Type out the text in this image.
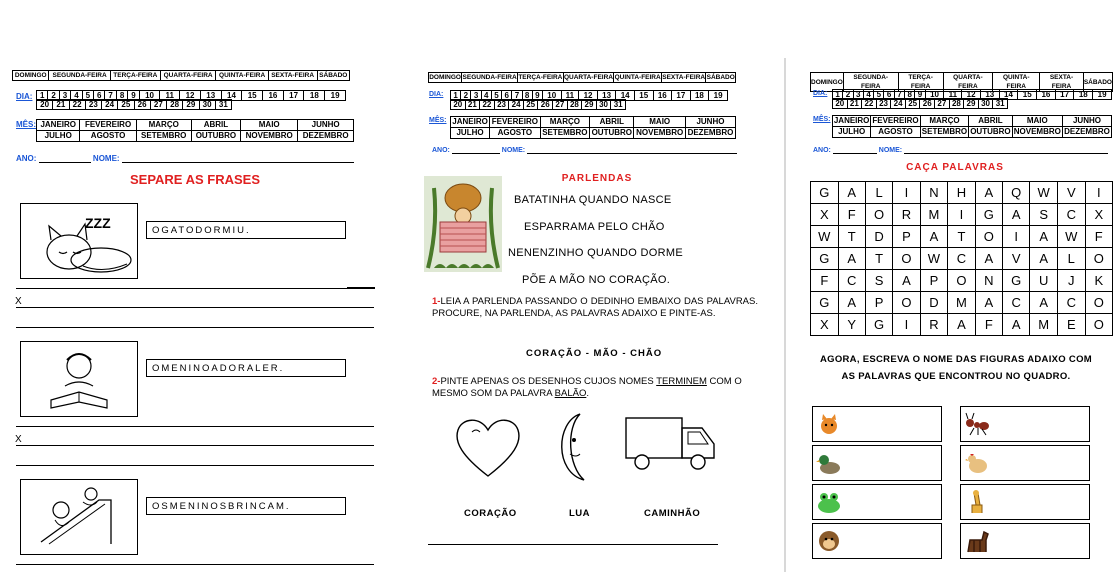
DOMINGO	SEGUNDA-FEIRA	TERÇA-FEIRA	QUARTA-FEIRA	QUINTA-FEIRA	SEXTA-FEIRA	SÁBADO
DIA: 1	2	3	4	5	6	7	8	9	10	11	12	13	14	15	16	17	18	19
20	21	22	23	24	25	26	27	28	29	30	31
MÊS: JANEIRO	FEVEREIRO	MARÇO	ABRIL	MAIO	JUNHO
JULHO	AGOSTO	SETEMBRO	OUTUBRO	NOVEMBRO	DEZEMBRO
ANO:	NOME:
SEPARE AS FRASES
ZZZ	OGATODORMIU.
X
OMENINOADORALER.
X
OSMENINOSBRINCAM.
DOMINGO	SEGUNDA-FEIRA	TERÇA-FEIRA	QUARTA-FEIRA	QUINTA-FEIRA	SEXTA-FEIRA	SÁBADO
DIA: 1	2	3	4	5	6	7	8	9	10	11	12	13	14	15	16	17	18	19
20	21	22	23	24	25	26	27	28	29	30	31
MÊS: JANEIRO	FEVEREIRO	MARÇO	ABRIL	MAIO	JUNHO
JULHO	AGOSTO	SETEMBRO	OUTUBRO	NOVEMBRO	DEZEMBRO
ANO:	NOME:
PARLENDAS
BATATINHA QUANDO NASCE
ESPARRAMA PELO CHÃO
NENENZINHO QUANDO DORME
PÕE A MÃO NO CORAÇÃO.
1-LEIA A PARLENDA PASSANDO O DEDINHO EMBAIXO DAS PALAVRAS. PROCURE, NA PARLENDA, AS PALAVRAS ADAIXO E PINTE-AS.
CORAÇÃO - MÃO - CHÃO
2-PINTE APENAS OS DESENHOS CUJOS NOMES TERMINEM COM O MESMO SOM DA PALAVRA BALÃO.
CORAÇÃO	LUA	CAMINHÃO
DOMINGO	SEGUNDA-FEIRA	TERÇA-FEIRA	QUARTA-FEIRA	QUINTA-FEIRA	SEXTA-FEIRA	SÁBADO
DIA: 1	2	3	4	5	6	7	8	9	10	11	12	13	14	15	16	17	18	19
20	21	22	23	24	25	26	27	28	29	30	31
MÊS: JANEIRO	FEVEREIRO	MARÇO	ABRIL	MAIO	JUNHO
JULHO	AGOSTO	SETEMBRO	OUTUBRO	NOVEMBRO	DEZEMBRO
ANO:	NOME:
CAÇA PALAVRAS
G	A	L	I	N	H	A	Q	W	V	I
X	F	O	R	M	I	G	A	S	C	X
W	T	D	P	A	T	O	I	A	W	F
G	A	T	O	W	C	A	V	A	L	O
F	C	S	A	P	O	N	G	U	J	K
G	A	P	O	D	M	A	C	A	C	O
X	Y	G	I	R	A	F	A	M	E	O
AGORA, ESCREVA O NOME DAS FIGURAS ADAIXO COM
AS PALAVRAS QUE ENCONTROU NO QUADRO.
